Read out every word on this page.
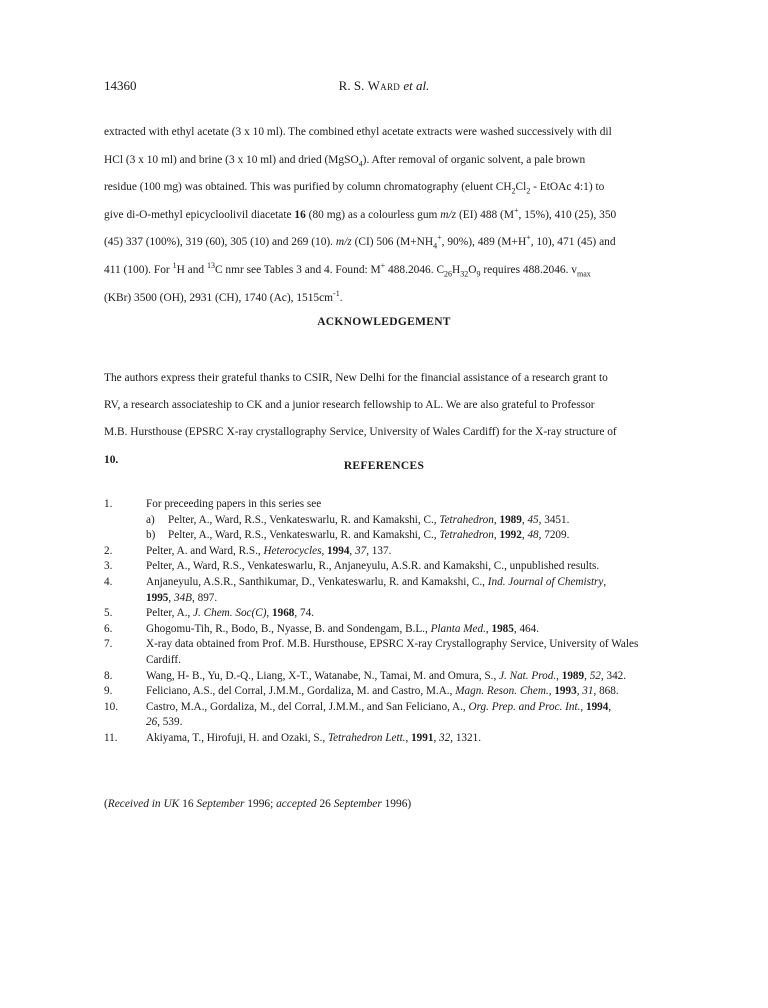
14360	R. S. Ward et al.

extracted with ethyl acetate (3 x 10 ml). The combined ethyl acetate extracts were washed successively with dil

HCl (3 x 10 ml) and brine (3 x 10 ml) and dried (MgSO$_4$). After removal of organic solvent, a pale brown

residue (100 mg) was obtained. This was purified by column chromatography (eluent $CH_2Cl_2$ - EtOAc 4:1) to

give di-O-methyl epicycloolivil diacetate 16 (80 mg) as a colourless gum m/z (EI) 488 (M+, 15%), 410 (25), 350

(45) 337 (100%), 319 (60), 305 (10) and 269 (10). m/z (CI) 506 ($M+NH_4^+$, 90%), 489 (M+H+, 10), 471 (45) and

411 (100). For $^1$H and $^{13}$C nmr see Tables 3 and 4. Found: M+ 488.2046. $C_{26}H_{32}O_9$ requires 488.2046. $v_{max}$

(KBr) 3500 (OH), 2931 (CH), 1740 (Ac), $1515cm^{-1}$.

ACKNOWLEDGEMENT

The authors express their grateful thanks to CSIR, New Delhi for the financial assistance of a research grant to

RV, a research associateship to CK and a junior research fellowship to AL. We are also grateful to Professor

M.B. Hursthouse (EPSRC X-ray crystallography Service, University of Wales Cardiff) for the X-ray structure of

10.

REFERENCES
1.	For preceeding papers in this series see
a) Pelter, A., Ward, R.S., Venkateswarlu, R. and Kamakshi, C., Tetrahedron, 1989, 45, 3451.
b) Pelter, A., Ward, R.S., Venkateswarlu, R. and Kamakshi, C., Tetrahedron, 1992, 48, 7209.
2.	Pelter, A. and Ward, R.S., Heterocycles, 1994, 37, 137.
3.	Pelter, A., Ward, R.S., Venkateswarlu, R., Anjaneyulu, A.S.R. and Kamakshi, C., unpublished results.
4.	Anjaneyulu, A.S.R., Santhikumar, D., Venkateswarlu, R. and Kamakshi, C., Ind. Journal of Chemistry,
1995, 34B, 897.
5.	Pelter, A., J. Chem. Soc(C), 1968, 74.
6.	Ghogomu-Tih, R., Bodo, B., Nyasse, B. and Sondengam, B.L., Planta Med., 1985, 464.
7.	X-ray data obtained from Prof. M.B. Hursthouse, EPSRC X-ray Crystallography Service, University of Wales Cardiff.
8.	Wang, H- B., Yu, D.-Q., Liang, X-T., Watanabe, N., Tamai, M. and Omura, S., J. Nat. Prod., 1989, 52, 342.
9.	Feliciano, A.S., del Corral, J.M.M., Gordaliza, M. and Castro, M.A., Magn. Reson. Chem., 1993, 31, 868.
10.	Castro, M.A., Gordaliza, M., del Corral, J.M.M., and San Feliciano, A., Org. Prep. and Proc. Int., 1994,
26, 539.
11.	Akiyama, T., Hirofuji, H. and Ozaki, S., Tetrahedron Lett., 1991, 32, 1321.
(Received in UK 16 September 1996; accepted 26 September 1996)
